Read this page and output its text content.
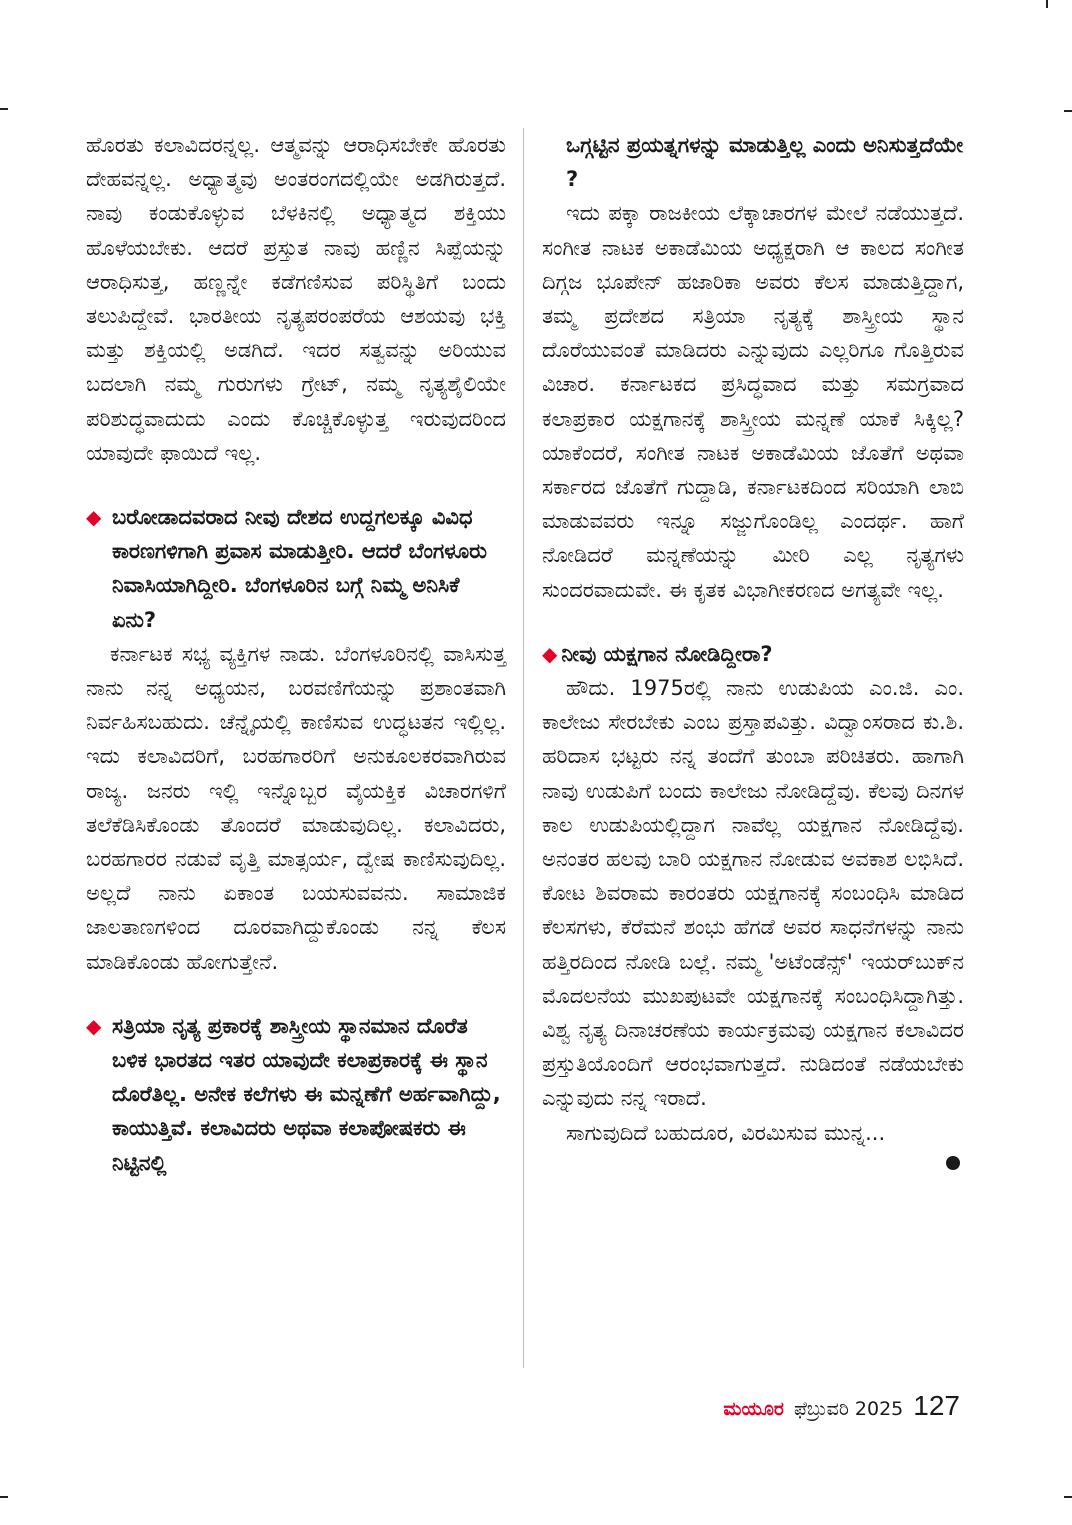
ಹೊರತು ಕಲಾವಿದರನ್ನಲ್ಲ. ಆತ್ಮವನ್ನು ಆರಾಧಿಸಬೇಕೇ ಹೊರತು ದೇಹವನ್ನಲ್ಲ. ಅಧ್ಯಾತ್ಮವು ಅಂತರಂಗದಲ್ಲಿಯೇ ಅಡಗಿರುತ್ತದೆ. ನಾವು ಕಂಡುಕೊಳ್ಳುವ ಬೆಳಕಿನಲ್ಲಿ ಅಧ್ಯಾತ್ಮದ ಶಕ್ತಿಯು ಹೊಳೆಯಬೇಕು. ಆದರೆ ಪ್ರಸ್ತುತ ನಾವು ಹಣ್ಣಿನ ಸಿಪ್ಪೆಯನ್ನು ಆರಾಧಿಸುತ್ತ, ಹಣ್ಣನ್ನೇ ಕಡೆಗಣಿಸುವ ಪರಿಸ್ಥಿತಿಗೆ ಬಂದು ತಲುಪಿದ್ದೇವೆ. ಭಾರತೀಯ ನೃತ್ಯಪರಂಪರೆಯ ಆಶಯವು ಭಕ್ತಿ ಮತ್ತು ಶಕ್ತಿಯಲ್ಲಿ ಅಡಗಿದೆ. ಇದರ ಸತ್ವವನ್ನು ಅರಿಯುವ ಬದಲಾಗಿ ನಮ್ಮ ಗುರುಗಳು ಗ್ರೇಟ್, ನಮ್ಮ ನೃತ್ಯಶೈಲಿಯೇ ಪರಿಶುದ್ಧವಾದುದು ಎಂದು ಕೊಚ್ಚಿಕೊಳ್ಳುತ್ತ ಇರುವುದರಿಂದ ಯಾವುದೇ ಫಾಯಿದೆ ಇಲ್ಲ.

◆ ಬರೋಡಾದವರಾದ ನೀವು ದೇಶದ ಉದ್ದಗಲಕ್ಕೂ ವಿವಿಧ ಕಾರಣಗಳಿಗಾಗಿ ಪ್ರವಾಸ ಮಾಡುತ್ತೀರಿ. ಆದರೆ ಬೆಂಗಳೂರು ನಿವಾಸಿಯಾಗಿದ್ದೀರಿ. ಬೆಂಗಳೂರಿನ ಬಗ್ಗೆ ನಿಮ್ಮ ಅನಿಸಿಕೆ ಏನು?

ಕರ್ನಾಟಕ ಸಭ್ಯ ವ್ಯಕ್ತಿಗಳ ನಾಡು. ಬೆಂಗಳೂರಿನಲ್ಲಿ ವಾಸಿಸುತ್ತ ನಾನು ನನ್ನ ಅಧ್ಯಯನ, ಬರವಣಿಗೆಯನ್ನು ಪ್ರಶಾಂತವಾಗಿ ನಿರ್ವಹಿಸಬಹುದು. ಚೆನ್ನೈಯಲ್ಲಿ ಕಾಣಿಸುವ ಉದ್ಧಟತನ ಇಲ್ಲಿಲ್ಲ. ಇದು ಕಲಾವಿದರಿಗೆ, ಬರಹಗಾರರಿಗೆ ಅನುಕೂಲಕರವಾಗಿರುವ ರಾಜ್ಯ. ಜನರು ಇಲ್ಲಿ ಇನ್ನೊಬ್ಬರ ವೈಯಕ್ತಿಕ ವಿಚಾರಗಳಿಗೆ ತಲೆಕೆಡಿಸಿಕೊಂಡು ತೊಂದರೆ ಮಾಡುವುದಿಲ್ಲ. ಕಲಾವಿದರು, ಬರಹಗಾರರ ನಡುವೆ ವೃತ್ತಿ ಮಾತ್ಸರ್ಯ, ದ್ವೇಷ ಕಾಣಿಸುವುದಿಲ್ಲ. ಅಲ್ಲದೆ ನಾನು ಏಕಾಂತ ಬಯಸುವವನು. ಸಾಮಾಜಿಕ ಜಾಲತಾಣಗಳಿಂದ ದೂರವಾಗಿದ್ದುಕೊಂಡು ನನ್ನ ಕೆಲಸ ಮಾಡಿಕೊಂಡು ಹೋಗುತ್ತೇನೆ.

◆ ಸತ್ರಿಯಾ ನೃತ್ಯ ಪ್ರಕಾರಕ್ಕೆ ಶಾಸ್ತ್ರೀಯ ಸ್ಥಾನಮಾನ ದೊರೆತ ಬಳಿಕ ಭಾರತದ ಇತರ ಯಾವುದೇ ಕಲಾಪ್ರಕಾರಕ್ಕೆ ಈ ಸ್ಥಾನ ದೊರೆತಿಲ್ಲ. ಅನೇಕ ಕಲೆಗಳು ಈ ಮನ್ನಣೆಗೆ ಅರ್ಹವಾಗಿದ್ದು, ಕಾಯುತ್ತಿವೆ. ಕಲಾವಿದರು ಅಥವಾ ಕಲಾಪೋಷಕರು ಈ ನಿಟ್ಟಿನಲ್ಲಿ

ಒಗ್ಗಟ್ಟಿನ ಪ್ರಯತ್ನಗಳನ್ನು ಮಾಡುತ್ತಿಲ್ಲ ಎಂದು ಅನಿಸುತ್ತದೆಯೇ ?

ಇದು ಪಕ್ಕಾ ರಾಜಕೀಯ ಲೆಕ್ಕಾಚಾರಗಳ ಮೇಲೆ ನಡೆಯುತ್ತದೆ. ಸಂಗೀತ ನಾಟಕ ಅಕಾಡೆಮಿಯ ಅಧ್ಯಕ್ಷರಾಗಿ ಆ ಕಾಲದ ಸಂಗೀತ ದಿಗ್ಗಜ ಭೂಪೇನ್ ಹಜಾರಿಕಾ ಅವರು ಕೆಲಸ ಮಾಡುತ್ತಿದ್ದಾಗ, ತಮ್ಮ ಪ್ರದೇಶದ ಸತ್ರಿಯಾ ನೃತ್ಯಕ್ಕೆ ಶಾಸ್ತ್ರೀಯ ಸ್ಥಾನ ದೊರೆಯುವಂತೆ ಮಾಡಿದರು ಎನ್ನುವುದು ಎಲ್ಲರಿಗೂ ಗೊತ್ತಿರುವ ವಿಚಾರ. ಕರ್ನಾಟಕದ ಪ್ರಸಿದ್ಧವಾದ ಮತ್ತು ಸಮಗ್ರವಾದ ಕಲಾಪ್ರಕಾರ ಯಕ್ಷಗಾನಕ್ಕೆ ಶಾಸ್ತ್ರೀಯ ಮನ್ನಣೆ ಯಾಕೆ ಸಿಕ್ಕಿಲ್ಲ? ಯಾಕೆಂದರೆ, ಸಂಗೀತ ನಾಟಕ ಅಕಾಡೆಮಿಯ ಜೊತೆಗೆ ಅಥವಾ ಸರ್ಕಾರದ ಜೊತೆಗೆ ಗುದ್ದಾಡಿ, ಕರ್ನಾಟಕದಿಂದ ಸರಿಯಾಗಿ ಲಾಬಿ ಮಾಡುವವರು ಇನ್ನೂ ಸಜ್ಜುಗೊಂಡಿಲ್ಲ ಎಂದರ್ಥ. ಹಾಗೆ ನೋಡಿದರೆ ಮನ್ನಣೆಯನ್ನು ಮೀರಿ ಎಲ್ಲ ನೃತ್ಯಗಳು ಸುಂದರವಾದುವೇ. ಈ ಕೃತಕ ವಿಭಾಗೀಕರಣದ ಅಗತ್ಯವೇ ಇಲ್ಲ.

◆ ನೀವು ಯಕ್ಷಗಾನ ನೋಡಿದ್ದೀರಾ?

ಹೌದು. 1975ರಲ್ಲಿ ನಾನು ಉಡುಪಿಯ ಎಂ.ಜಿ. ಎಂ. ಕಾಲೇಜು ಸೇರಬೇಕು ಎಂಬ ಪ್ರಸ್ತಾಪವಿತ್ತು. ವಿದ್ವಾಂಸರಾದ ಕು.ಶಿ. ಹರಿದಾಸ ಭಟ್ಟರು ನನ್ನ ತಂದೆಗೆ ತುಂಬಾ ಪರಿಚಿತರು. ಹಾಗಾಗಿ ನಾವು ಉಡುಪಿಗೆ ಬಂದು ಕಾಲೇಜು ನೋಡಿದ್ದೆವು. ಕೆಲವು ದಿನಗಳ ಕಾಲ ಉಡುಪಿಯಲ್ಲಿದ್ದಾಗ ನಾವೆಲ್ಲ ಯಕ್ಷಗಾನ ನೋಡಿದ್ದೆವು. ಅನಂತರ ಹಲವು ಬಾರಿ ಯಕ್ಷಗಾನ ನೋಡುವ ಅವಕಾಶ ಲಭಿಸಿದೆ. ಕೋಟ ಶಿವರಾಮ ಕಾರಂತರು ಯಕ್ಷಗಾನಕ್ಕೆ ಸಂಬಂಧಿಸಿ ಮಾಡಿದ ಕೆಲಸಗಳು, ಕೆರೆಮನೆ ಶಂಭು ಹೆಗಡೆ ಅವರ ಸಾಧನೆಗಳನ್ನು ನಾನು ಹತ್ತಿರದಿಂದ ನೋಡಿ ಬಲ್ಲೆ. ನಮ್ಮ 'ಅಟೆಂಡೆನ್ಸ್' ಇಯರ್‌ಬುಕ್‌ನ ಮೊದಲನೆಯ ಮುಖಪುಟವೇ ಯಕ್ಷಗಾನಕ್ಕೆ ಸಂಬಂಧಿಸಿದ್ದಾಗಿತ್ತು. ವಿಶ್ವ ನೃತ್ಯ ದಿನಾಚರಣೆಯ ಕಾರ್ಯಕ್ರಮವು ಯಕ್ಷಗಾನ ಕಲಾವಿದರ ಪ್ರಸ್ತುತಿಯೊಂದಿಗೆ ಆರಂಭವಾಗುತ್ತದೆ. ನುಡಿದಂತೆ ನಡೆಯಬೇಕು ಎನ್ನುವುದು ನನ್ನ ಇರಾದೆ.

ಸಾಗುವುದಿದೆ ಬಹುದೂರ, ವಿರಮಿಸುವ ಮುನ್ನ...

ಮಯೂರ ಫೆಬ್ರುವರಿ 2025 127
